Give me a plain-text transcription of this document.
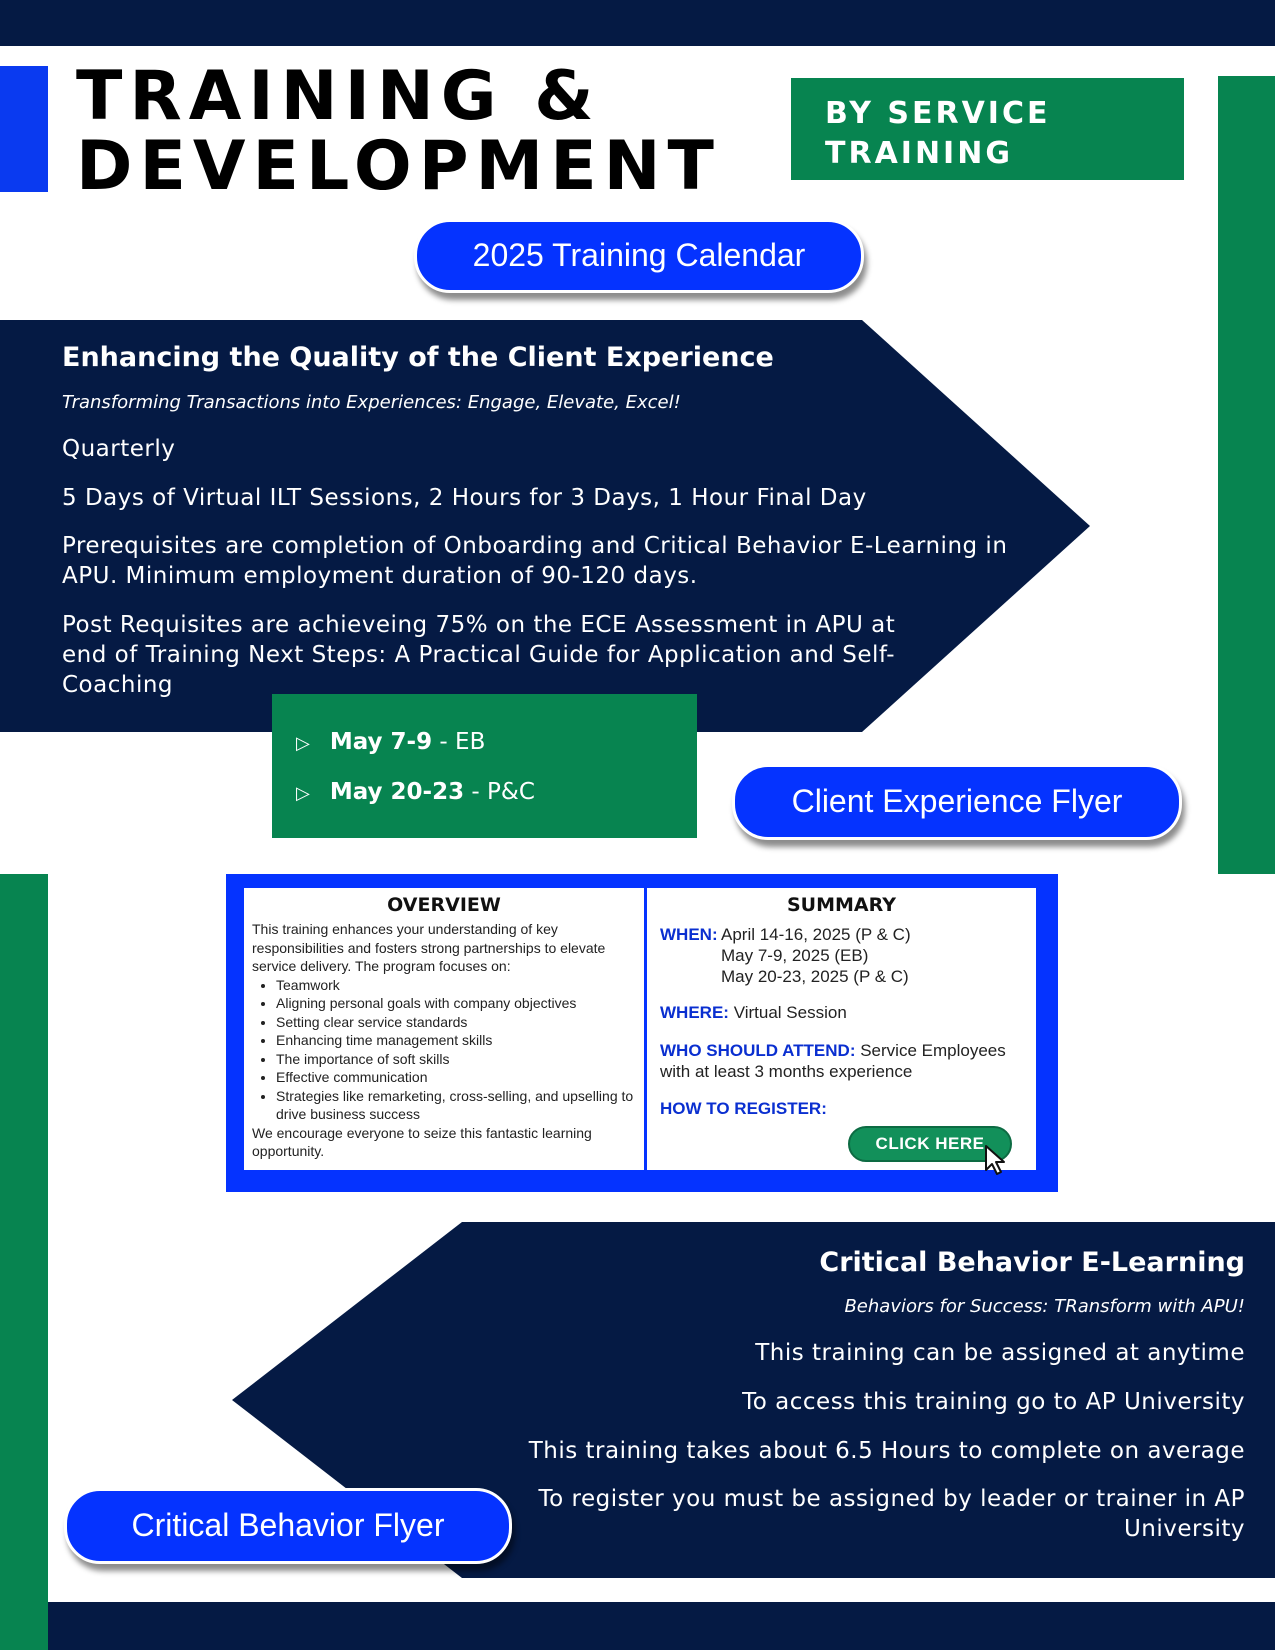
TRAINING &
DEVELOPMENT
BY SERVICE
TRAINING
2025 Training Calendar
Enhancing the Quality of the Client Experience
Transforming Transactions into Experiences: Engage, Elevate, Excel!
Quarterly
5 Days of Virtual ILT Sessions, 2 Hours for 3 Days, 1 Hour Final Day
Prerequisites are completion of Onboarding and Critical Behavior E-Learning in APU. Minimum employment duration of 90-120 days.
Post Requisites are achieveing 75% on the ECE Assessment in APU at end of Training Next Steps: A Practical Guide for Application and Self-Coaching
▷ May 7-9 - EB
▷ May 20-23 - P&C	Client Experience Flyer
OVERVIEW
This training enhances your understanding of key responsibilities and fosters strong partnerships to elevate service delivery. The program focuses on:
• Teamwork
• Aligning personal goals with company objectives
• Setting clear service standards
• Enhancing time management skills
• The importance of soft skills
• Effective communication
• Strategies like remarketing, cross-selling, and upselling to drive business success
We encourage everyone to seize this fantastic learning opportunity.
SUMMARY
WHEN: April 14-16, 2025 (P & C)
May 7-9, 2025 (EB)
May 20-23, 2025 (P & C)
WHERE: Virtual Session
WHO SHOULD ATTEND: Service Employees with at least 3 months experience
HOW TO REGISTER:
CLICK HERE
Critical Behavior E-Learning
Behaviors for Success: TRansform with APU!
This training can be assigned at anytime
To access this training go to AP University
This training takes about 6.5 Hours to complete on average
To register you must be assigned by leader or trainer in AP University
Critical Behavior Flyer
